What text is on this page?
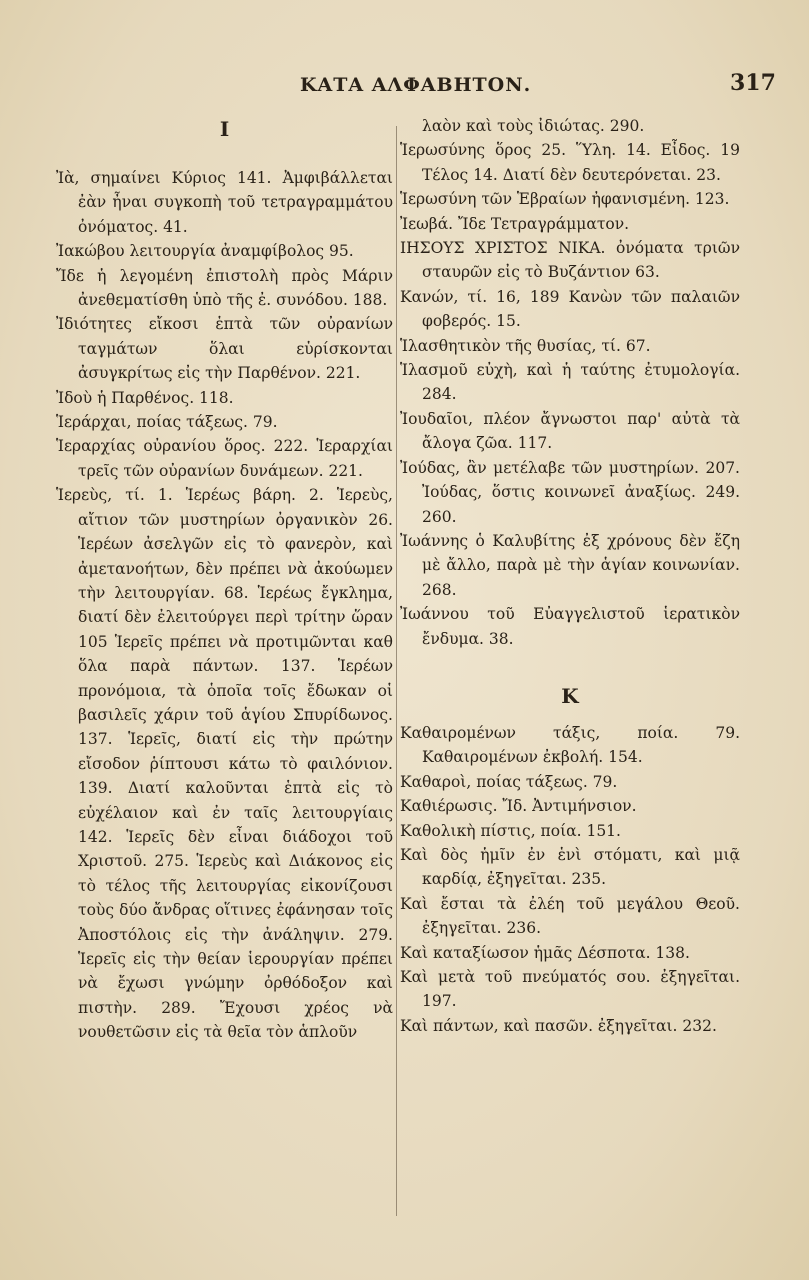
ΚΑΤΑ ΑΛΦΑΒΗΤΟΝ.	317
Ι
Ἰὰ, σημαίνει Κύριος 141. Ἀμφιβάλλεται ἐὰν ἦναι συγκοπὴ τοῦ τετραγραμμάτου ὀνόματος. 41.
Ἰακώβου λειτουργία ἀναμφίβολος 95.
Ἴδε ἡ λεγομένη ἐπιστολὴ πρὸς Μάριν ἀνεθεματίσθη ὑπὸ τῆς ἐ. συνόδου. 188.
Ἰδιότητες εἴκοσι ἑπτὰ τῶν οὐρανίων ταγμάτων ὅλαι εὑρίσκονται ἀσυγκρίτως εἰς τὴν Παρθένον. 221.
Ἰδοὺ ἡ Παρθένος. 118.
Ἱεράρχαι, ποίας τάξεως. 79.
Ἱεραρχίας οὐρανίου ὅρος. 222. Ἱεραρχίαι τρεῖς τῶν οὐρανίων δυνάμεων. 221.
Ἱερεὺς, τί. 1. Ἱερέως βάρη. 2. Ἱερεὺς, αἴτιον τῶν μυστηρίων ὀργανικὸν 26. Ἱερέων ἀσελγῶν εἰς τὸ φανερὸν, καὶ ἀμετανοήτων, δὲν πρέπει νὰ ἀκούωμεν τὴν λειτουργίαν. 68. Ἱερέως ἔγκλημα, διατί δὲν ἐλειτούργει περὶ τρίτην ὥραν 105 Ἱερεῖς πρέπει νὰ προτιμῶνται καθ ὅλα παρὰ πάντων. 137. Ἱερέων προνόμοια, τὰ ὁποῖα τοῖς ἔδωκαν οἱ βασιλεῖς χάριν τοῦ ἁγίου Σπυρίδωνος. 137. Ἱερεῖς, διατί εἰς τὴν πρώτην εἴσοδον ῥίπτουσι κάτω τὸ φαιλόνιον. 139. Διατί καλοῦνται ἑπτὰ εἰς τὸ εὐχέλαιον καὶ ἐν ταῖς λειτουργίαις 142. Ἱερεῖς δὲν εἶναι διάδοχοι τοῦ Χριστοῦ. 275. Ἱερεὺς καὶ Διάκονος εἰς τὸ τέλος τῆς λειτουργίας εἰκονίζουσι τοὺς δύο ἄνδρας οἵτινες ἐφάνησαν τοῖς Ἀποστόλοις εἰς τὴν ἀνάληψιν. 279. Ἱερεῖς εἰς τὴν θείαν ἱερουργίαν πρέπει νὰ ἔχωσι γνώμην ὀρθόδοξον καὶ πιστὴν. 289. Ἔχουσι χρέος νὰ νουθετῶσιν εἰς τὰ θεῖα τὸν ἁπλοῦν
λαὸν καὶ τοὺς ἰδιώτας. 290.
Ἱερωσύνης ὅρος 25. Ὕλη. 14. Εἶδος. 19 Τέλος 14. Διατί δὲν δευτερόνεται. 23.
Ἱερωσύνη τῶν Ἑβραίων ἠφανισμένη. 123.
Ἰεωβά. Ἴδε Τετραγράμματον.
ΙΗΣΟΥΣ ΧΡΙΣΤΟΣ ΝΙΚΑ. ὀνόματα τριῶν σταυρῶν εἰς τὸ Βυζάντιον 63.
Κανών, τί. 16, 189 Κανὼν τῶν παλαιῶν φοβερός. 15.
Ἱλασθητικὸν τῆς θυσίας, τί. 67.
Ἱλασμοῦ εὐχὴ, καὶ ἡ ταύτης ἐτυμολογία. 284.
Ἰουδαῖοι, πλέον ἄγνωστοι παρ' αὐτὰ τὰ ἄλογα ζῶα. 117.
Ἰούδας, ἂν μετέλαβε τῶν μυστηρίων. 207. Ἰούδας, ὅστις κοινωνεῖ ἀναξίως. 249. 260.
Ἰωάννης ὁ Καλυβίτης ἐξ χρόνους δὲν ἔζη μὲ ἄλλο, παρὰ μὲ τὴν ἁγίαν κοινωνίαν. 268.
Ἰωάννου τοῦ Εὐαγγελιστοῦ ἱερατικὸν ἔνδυμα. 38.
Κ
Καθαιρομένων τάξις, ποία. 79. Καθαιρομένων ἐκβολή. 154.
Καθαροὶ, ποίας τάξεως. 79.
Καθιέρωσις. Ἴδ. Ἀντιμήνσιον.
Καθολικὴ πίστις, ποία. 151.
Καὶ δὸς ἡμῖν ἐν ἑνὶ στόματι, καὶ μιᾷ καρδίᾳ, ἐξηγεῖται. 235.
Καὶ ἔσται τὰ ἐλέη τοῦ μεγάλου Θεοῦ. ἐξηγεῖται. 236.
Καὶ καταξίωσον ἡμᾶς Δέσποτα. 138.
Καὶ μετὰ τοῦ πνεύματός σου. ἐξηγεῖται. 197.
Καὶ πάντων, καὶ πασῶν. ἐξηγεῖται. 232.
